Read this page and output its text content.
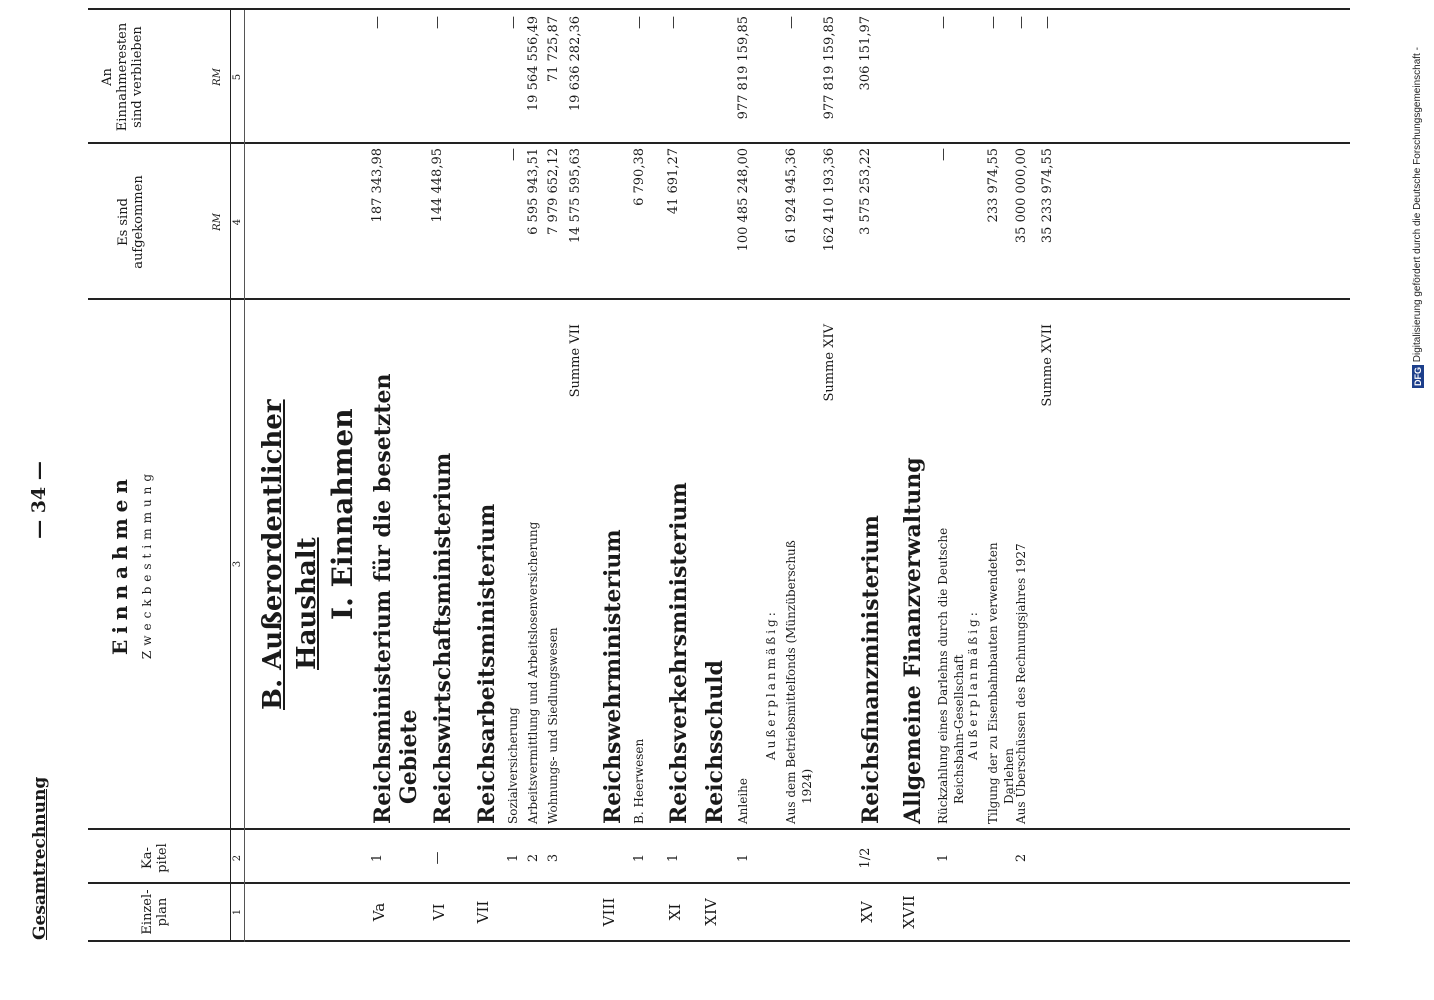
Gesamtrechnung
— 34 —
Einzel-
plan
Ka-
pitel
Einnahmen Zweckbestimmung
Es sind
aufgekommen
An
Einnahmeresten
sind verblieben
RM
RM
1
2
3
4
5
B. Außerordentlicher Haushalt I. Einnahmen
Va
1
Reichsministerium für die besetzten Gebiete
187 343,98
—
VI
—
Reichswirtschaftsministerium
144 448,95
—
VII
Reichsarbeitsministerium
1
Sozialversicherung
—
—
2
Arbeitsvermittlung und Arbeitslosenversicherung
6 595 943,51
19 564 556,49
3
Wohnungs- und Siedlungswesen
7 979 652,12
71 725,87
Summe VII
14 575 595,63
19 636 282,36
VIII
Reichswehrministerium
1
B. Heerwesen
6 790,38
—
XI
1
Reichsverkehrsministerium
41 691,27
—
XIV
Reichsschuld
1
Anleihe
100 485 248,00
977 819 159,85
Außerplanmäßig: Aus dem Betriebsmittelfonds (Münzüberschuß 1924)
61 924 945,36
—
Summe XIV
162 410 193,36
977 819 159,85
XV
1/2
Reichsfinanzministerium
3 575 253,22
306 151,97
XVII
Allgemeine Finanzverwaltung
1
Rückzahlung eines Darlehns durch die Deutsche Reichsbahn-Gesellschaft
—
—
Außerplanmäßig: Tilgung der zu Eisenbahnbauten verwendeten Darlehen
233 974,55
—
2
Aus Überschüssen des Rechnungsjahres 1927
35 000 000,00
—
Summe XVII
35 233 974,55
—
DFG Digitalisierung gefördert durch die Deutsche Forschungsgemeinschaft -
